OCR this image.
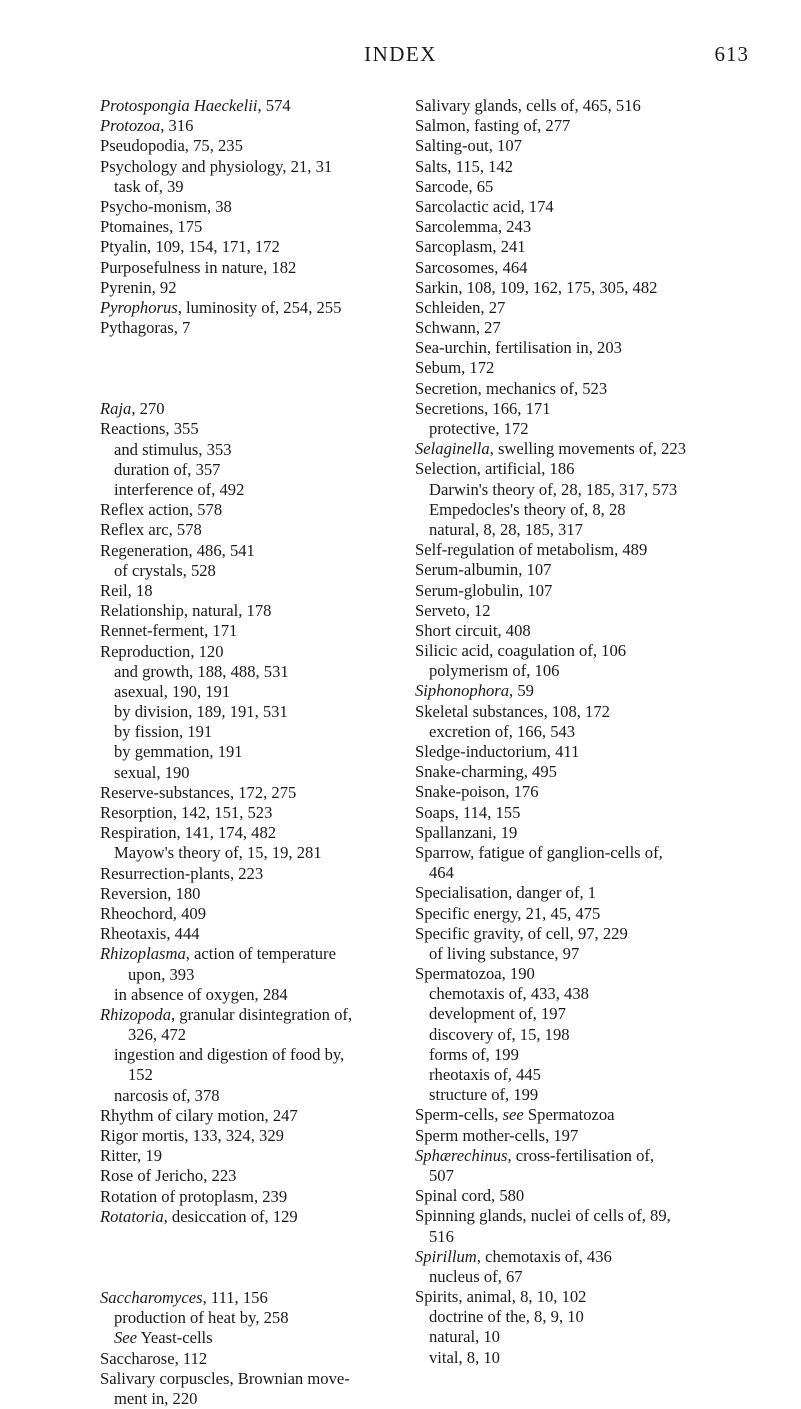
INDEX	613
Protospongia Haeckelii, 574
Protozoa, 316
Pseudopodia, 75, 235
Psychology and physiology, 21, 31
task of, 39
Psycho-monism, 38
Ptomaines, 175
Ptyalin, 109, 154, 171, 172
Purposefulness in nature, 182
Pyrenin, 92
Pyrophorus, luminosity of, 254, 255
Pythagoras, 7
Raja, 270
Reactions, 355
and stimulus, 353
duration of, 357
interference of, 492
Reflex action, 578
Reflex arc, 578
Regeneration, 486, 541
of crystals, 528
Reil, 18
Relationship, natural, 178
Rennet-ferment, 171
Reproduction, 120
and growth, 188, 488, 531
asexual, 190, 191
by division, 189, 191, 531
by fission, 191
by gemmation, 191
sexual, 190
Reserve-substances, 172, 275
Resorption, 142, 151, 523
Respiration, 141, 174, 482
Mayow's theory of, 15, 19, 281
Resurrection-plants, 223
Reversion, 180
Rheochord, 409
Rheotaxis, 444
Rhizoplasma, action of temperature
upon, 393
in absence of oxygen, 284
Rhizopoda, granular disintegration of,
326, 472
ingestion and digestion of food by,
152
narcosis of, 378
Rhythm of cilary motion, 247
Rigor mortis, 133, 324, 329
Ritter, 19
Rose of Jericho, 223
Rotation of protoplasm, 239
Rotatoria, desiccation of, 129
Saccharomyces, 111, 156
production of heat by, 258
See Yeast-cells
Saccharose, 112
Salivary corpuscles, Brownian move-
ment in, 220
Salivary glands, cells of, 465, 516
Salmon, fasting of, 277
Salting-out, 107
Salts, 115, 142
Sarcode, 65
Sarcolactic acid, 174
Sarcolemma, 243
Sarcoplasm, 241
Sarcosomes, 464
Sarkin, 108, 109, 162, 175, 305, 482
Schleiden, 27
Schwann, 27
Sea-urchin, fertilisation in, 203
Sebum, 172
Secretion, mechanics of, 523
Secretions, 166, 171
protective, 172
Selaginella, swelling movements of, 223
Selection, artificial, 186
Darwin's theory of, 28, 185, 317, 573
Empedocles's theory of, 8, 28
natural, 8, 28, 185, 317
Self-regulation of metabolism, 489
Serum-albumin, 107
Serum-globulin, 107
Serveto, 12
Short circuit, 408
Silicic acid, coagulation of, 106
polymerism of, 106
Siphonophora, 59
Skeletal substances, 108, 172
excretion of, 166, 543
Sledge-inductorium, 411
Snake-charming, 495
Snake-poison, 176
Soaps, 114, 155
Spallanzani, 19
Sparrow, fatigue of ganglion-cells of,
464
Specialisation, danger of, 1
Specific energy, 21, 45, 475
Specific gravity, of cell, 97, 229
of living substance, 97
Spermatozoa, 190
chemotaxis of, 433, 438
development of, 197
discovery of, 15, 198
forms of, 199
rheotaxis of, 445
structure of, 199
Sperm-cells, see Spermatozoa
Sperm mother-cells, 197
Sphærechinus, cross-fertilisation of,
507
Spinal cord, 580
Spinning glands, nuclei of cells of, 89,
516
Spirillum, chemotaxis of, 436
nucleus of, 67
Spirits, animal, 8, 10, 102
doctrine of the, 8, 9, 10
natural, 10
vital, 8, 10
